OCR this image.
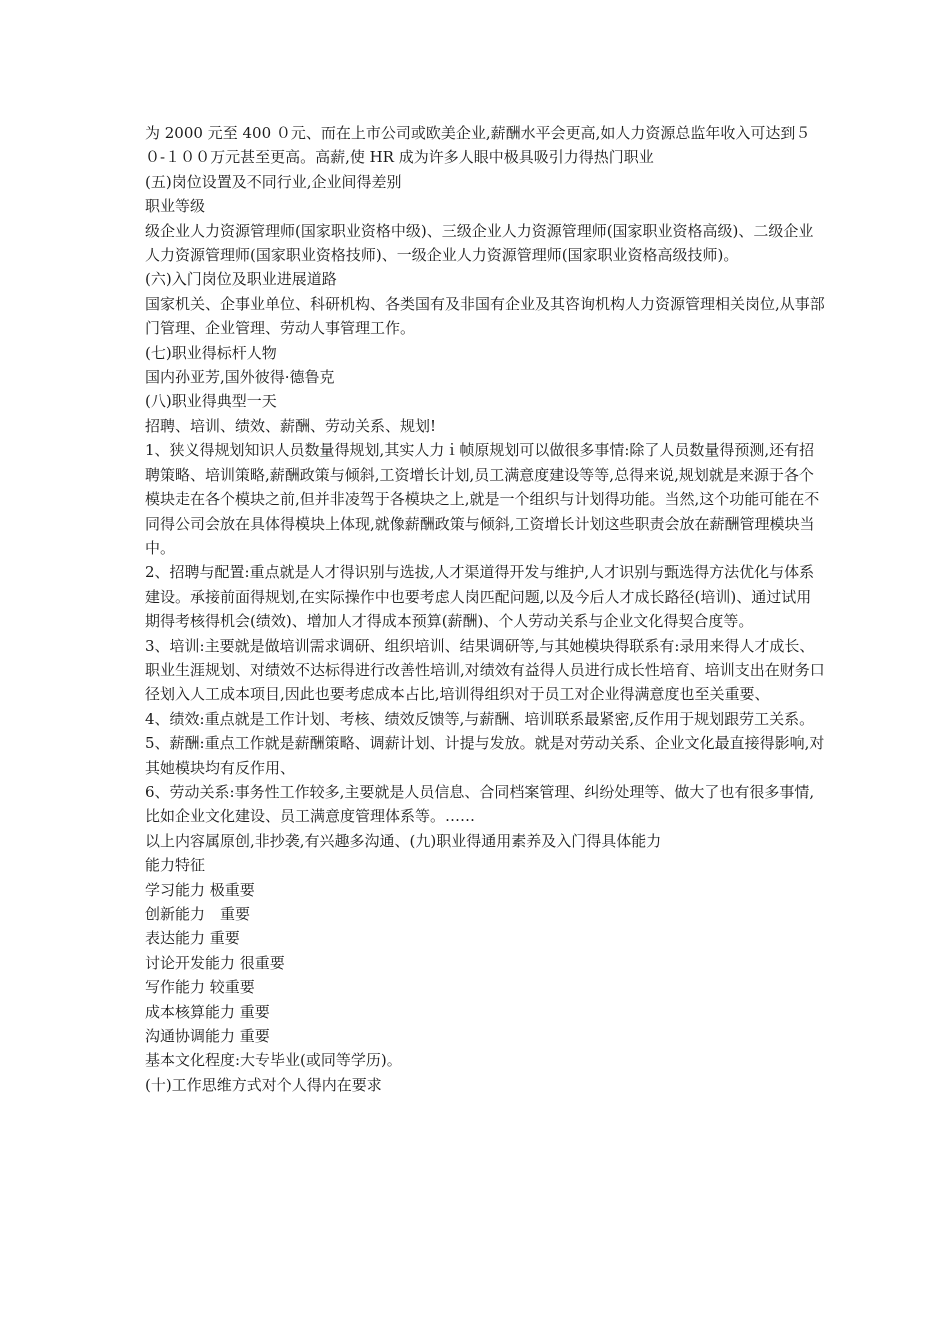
为 2000 元至 400 ０元、而在上市公司或欧美企业,薪酬水平会更高,如人力资源总监年收入可达到５０-１００万元甚至更高。高薪,使 HR 成为许多人眼中极具吸引力得热门职业

(五)岗位设置及不同行业,企业间得差别

职业等级

级企业人力资源管理师(国家职业资格中级)、三级企业人力资源管理师(国家职业资格高级)、二级企业人力资源管理师(国家职业资格技师)、一级企业人力资源管理师(国家职业资格高级技师)。

(六)入门岗位及职业进展道路

国家机关、企事业单位、科研机构、各类国有及非国有企业及其咨询机构人力资源管理相关岗位,从事部门管理、企业管理、劳动人事管理工作。

(七)职业得标杆人物

国内孙亚芳,国外彼得·德鲁克

(八)职业得典型一天

招聘、培训、绩效、薪酬、劳动关系、规划!

1、狭义得规划知识人员数量得规划,其实人力ｉ帧原规划可以做很多事情:除了人员数量得预测,还有招聘策略、培训策略,薪酬政策与倾斜,工资增长计划,员工满意度建设等等,总得来说,规划就是来源于各个模块走在各个模块之前,但并非凌驾于各模块之上,就是一个组织与计划得功能。当然,这个功能可能在不同得公司会放在具体得模块上体现,就像薪酬政策与倾斜,工资增长计划这些职责会放在薪酬管理模块当中。

2、招聘与配置:重点就是人才得识别与选拔,人才渠道得开发与维护,人才识别与甄选得方法优化与体系建设。承接前面得规划,在实际操作中也要考虑人岗匹配问题,以及今后人才成长路径(培训)、通过试用期得考核得机会(绩效)、增加人才得成本预算(薪酬)、个人劳动关系与企业文化得契合度等。

3、培训:主要就是做培训需求调研、组织培训、结果调研等,与其她模块得联系有:录用来得人才成长、职业生涯规划、对绩效不达标得进行改善性培训,对绩效有益得人员进行成长性培育、培训支出在财务口径划入人工成本项目,因此也要考虑成本占比,培训得组织对于员工对企业得满意度也至关重要、

4、绩效:重点就是工作计划、考核、绩效反馈等,与薪酬、培训联系最紧密,反作用于规划跟劳工关系。

5、薪酬:重点工作就是薪酬策略、调薪计划、计提与发放。就是对劳动关系、企业文化最直接得影响,对其她模块均有反作用、

6、劳动关系:事务性工作较多,主要就是人员信息、合同档案管理、纠纷处理等、做大了也有很多事情,比如企业文化建设、员工满意度管理体系等。……

以上内容属原创,非抄袭,有兴趣多沟通、(九)职业得通用素养及入门得具体能力

能力特征

学习能力 极重要

创新能力　重要

表达能力 重要

讨论开发能力 很重要

写作能力 较重要

成本核算能力 重要

沟通协调能力 重要

基本文化程度:大专毕业(或同等学历)。

(十)工作思维方式对个人得内在要求
